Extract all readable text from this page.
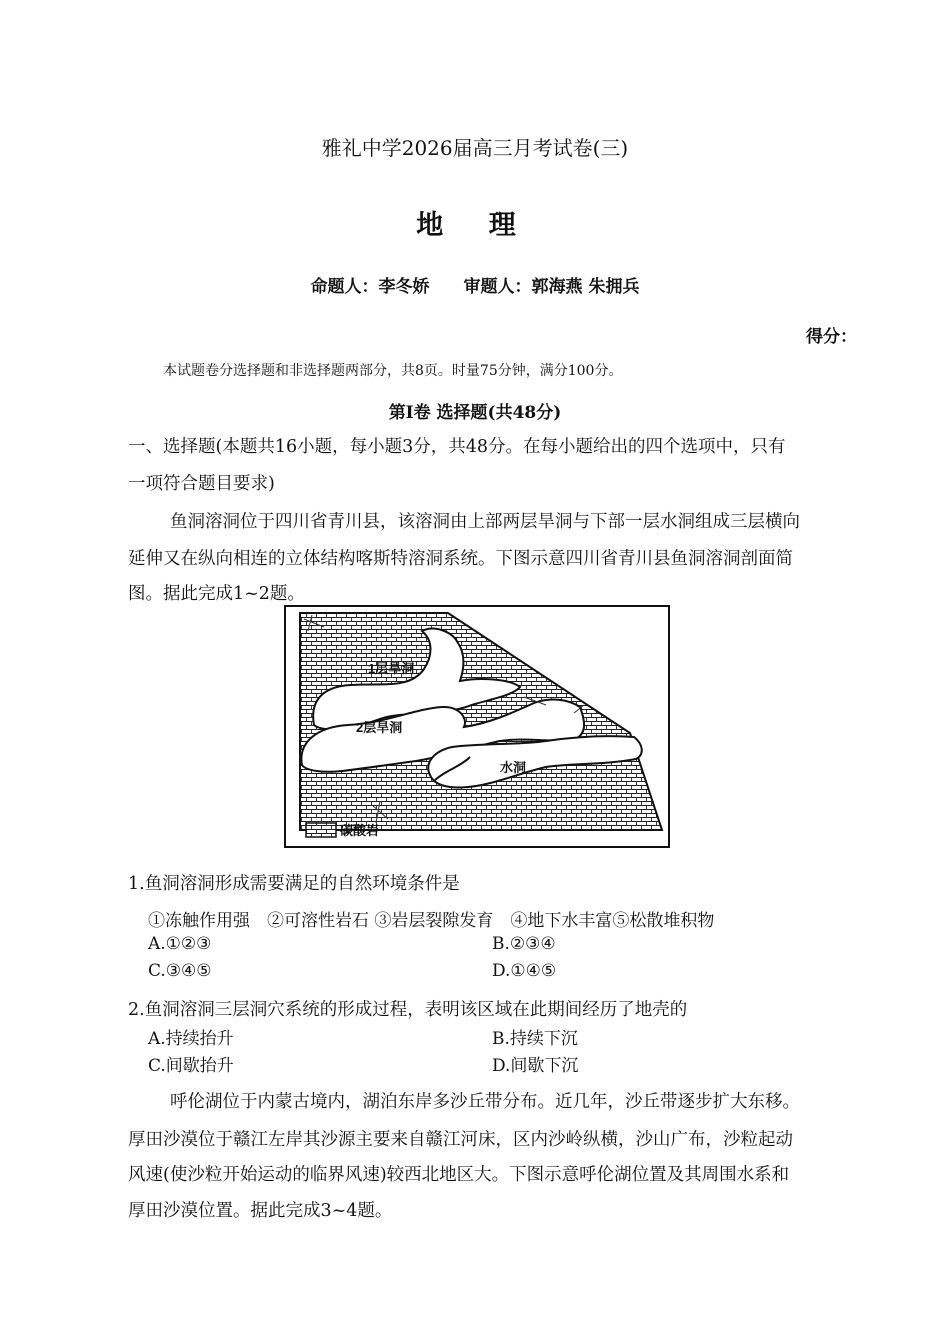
雅礼中学2026届高三月考试卷(三)
地 理
命题人：李冬娇　　审题人：郭海燕 朱拥兵
得分：
本试题卷分选择题和非选择题两部分，共8页。时量75分钟，满分100分。
第Ⅰ卷 选择题(共48分)
一、选择题(本题共16小题，每小题3分，共48分。在每小题给出的四个选项中，只有
一项符合题目要求)
鱼洞溶洞位于四川省青川县，该溶洞由上部两层旱洞与下部一层水洞组成三层横向
延伸又在纵向相连的立体结构喀斯特溶洞系统。下图示意四川省青川县鱼洞溶洞剖面简
图。据此完成1~2题。
1层旱洞
2层旱洞
水洞
碳酸岩
1.鱼洞溶洞形成需要满足的自然环境条件是
①冻触作用强　②可溶性岩石 ③岩层裂隙发育　④地下水丰富⑤松散堆积物
A.①②③	B.②③④
C.③④⑤	D.①④⑤
2.鱼洞溶洞三层洞穴系统的形成过程，表明该区域在此期间经历了地壳的
A.持续抬升	B.持续下沉
C.间歇抬升	D.间歇下沉
呼伦湖位于内蒙古境内，湖泊东岸多沙丘带分布。近几年，沙丘带逐步扩大东移。
厚田沙漠位于赣江左岸其沙源主要来自赣江河床，区内沙岭纵横，沙山广布，沙粒起动
风速(使沙粒开始运动的临界风速)较西北地区大。下图示意呼伦湖位置及其周围水系和
厚田沙漠位置。据此完成3~4题。
